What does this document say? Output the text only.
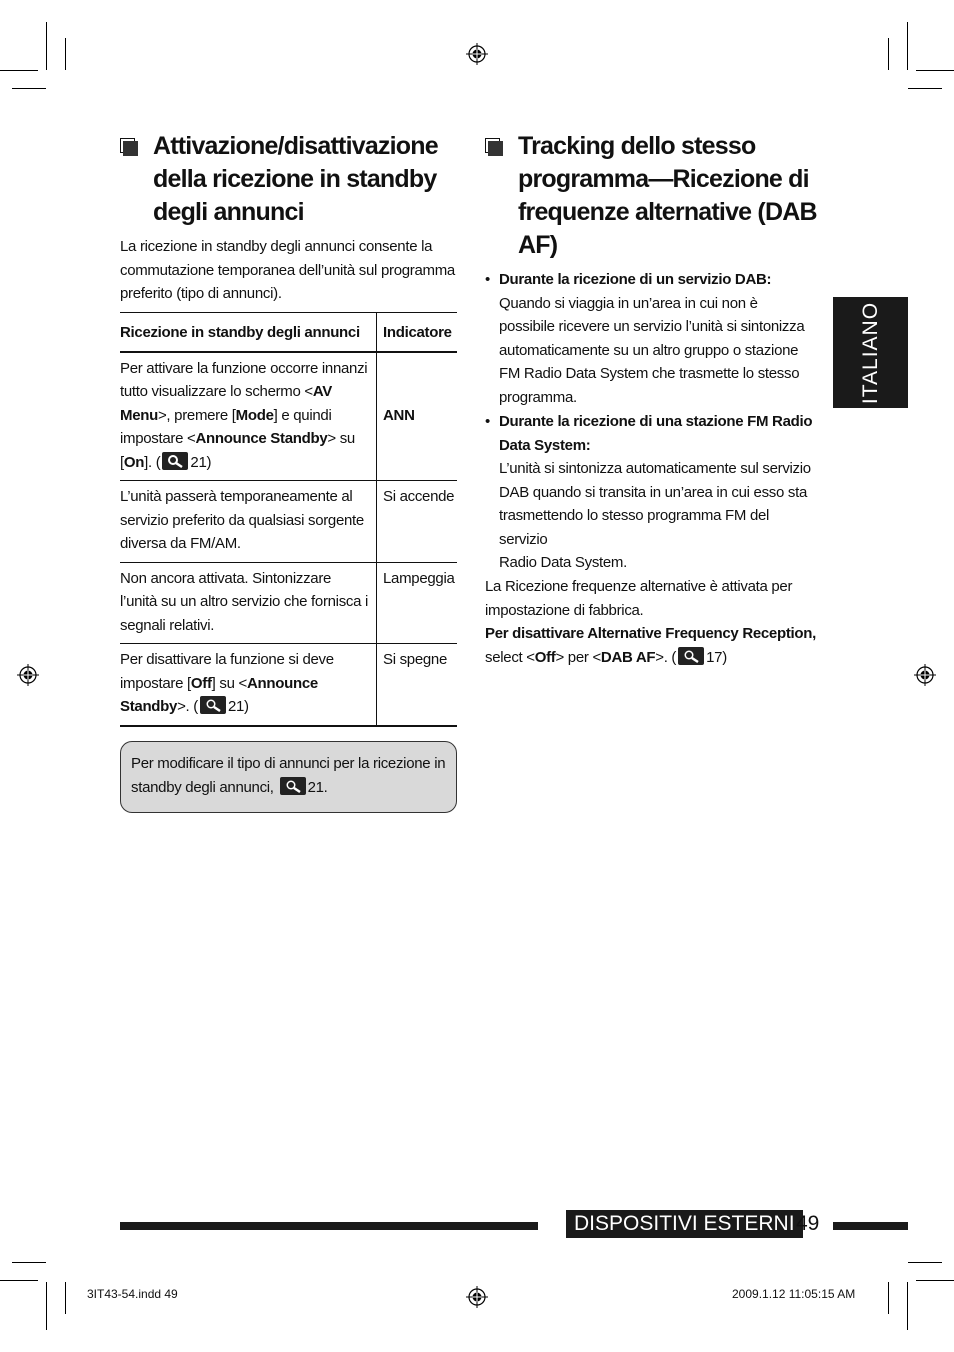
Attivazione/disattivazione
della ricezione in standby
degli annunci
La ricezione in standby degli annunci consente la
commutazione temporanea dell’unità sul programma
preferito (tipo di annunci).
Ricezione in standby degli annunci	Indicatore
Per attivare la funzione occorre innanzi tutto visualizzare lo schermo <AV Menu>, premere [Mode] e quindi impostare <Announce Standby> su [On]. ( 21)	ANN
L’unità passerà temporaneamente al servizio preferito da qualsiasi sorgente diversa da FM/AM.	Si accende
Non ancora attivata. Sintonizzare l’unità su un altro servizio che fornisca i segnali relativi.	Lampeggia
Per disattivare la funzione si deve impostare [Off] su <Announce Standby>. ( 21)	Si spegne
Per modificare il tipo di annunci per la ricezione in standby degli annunci, 21.
Tracking dello stesso
programma—Ricezione di
frequenze alternative (DAB
AF)
• Durante la ricezione di un servizio DAB:
Quando si viaggia in un’area in cui non è
possibile ricevere un servizio l’unità si sintonizza
automaticamente su un altro gruppo o stazione
FM Radio Data System che trasmette lo stesso
programma.
• Durante la ricezione di una stazione FM Radio
Data System:
L’unità si sintonizza automaticamente sul servizio
DAB quando si transita in un’area in cui esso sta
trasmettendo lo stesso programma FM del servizio
Radio Data System.
La Ricezione frequenze alternative è attivata per
impostazione di fabbrica.
Per disattivare Alternative Frequency Reception,
select <Off> per <DAB AF>. ( 17)
ITALIANO
DISPOSITIVI ESTERNI 49
3IT43-54.indd 49	2009.1.12 11:05:15 AM
